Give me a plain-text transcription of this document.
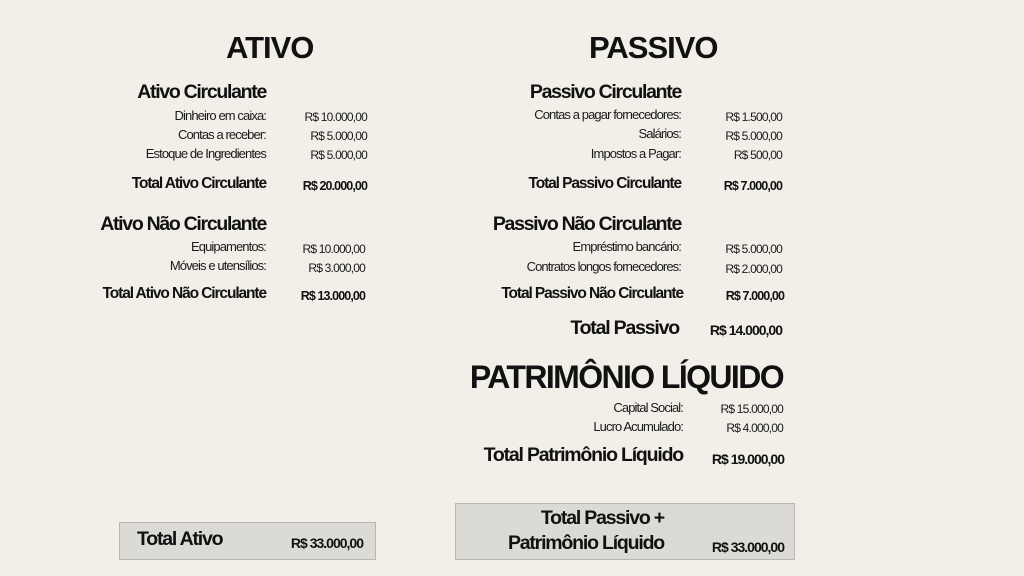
ATIVO
Ativo Circulante
Dinheiro em caixa:	R$ 10.000,00
Contas a receber:	R$ 5.000,00
Estoque de Ingredientes	R$ 5.000,00
Total Ativo Circulante	R$ 20.000,00
Ativo Não Circulante
Equipamentos:	R$ 10.000,00
Móveis e utensílios:	R$ 3.000,00
Total Ativo Não Circulante	R$ 13.000,00
Total Ativo	R$ 33.000,00
PASSIVO
Passivo Circulante
Contas a pagar fornecedores:	R$ 1.500,00
Salários:	R$ 5.000,00
Impostos a Pagar:	R$ 500,00
Total Passivo Circulante	R$ 7.000,00
Passivo Não Circulante
Empréstimo bancário:	R$ 5.000,00
Contratos longos fornecedores:	R$ 2.000,00
Total Passivo Não Circulante	R$ 7.000,00
Total Passivo R$ 14.000,00
PATRIMÔNIO LÍQUIDO
Capital Social:	R$ 15.000,00
Lucro Acumulado:	R$ 4.000,00
Total Patrimônio Líquido R$ 19.000,00
Total Passivo +
Patrimônio Líquido	R$ 33.000,00
